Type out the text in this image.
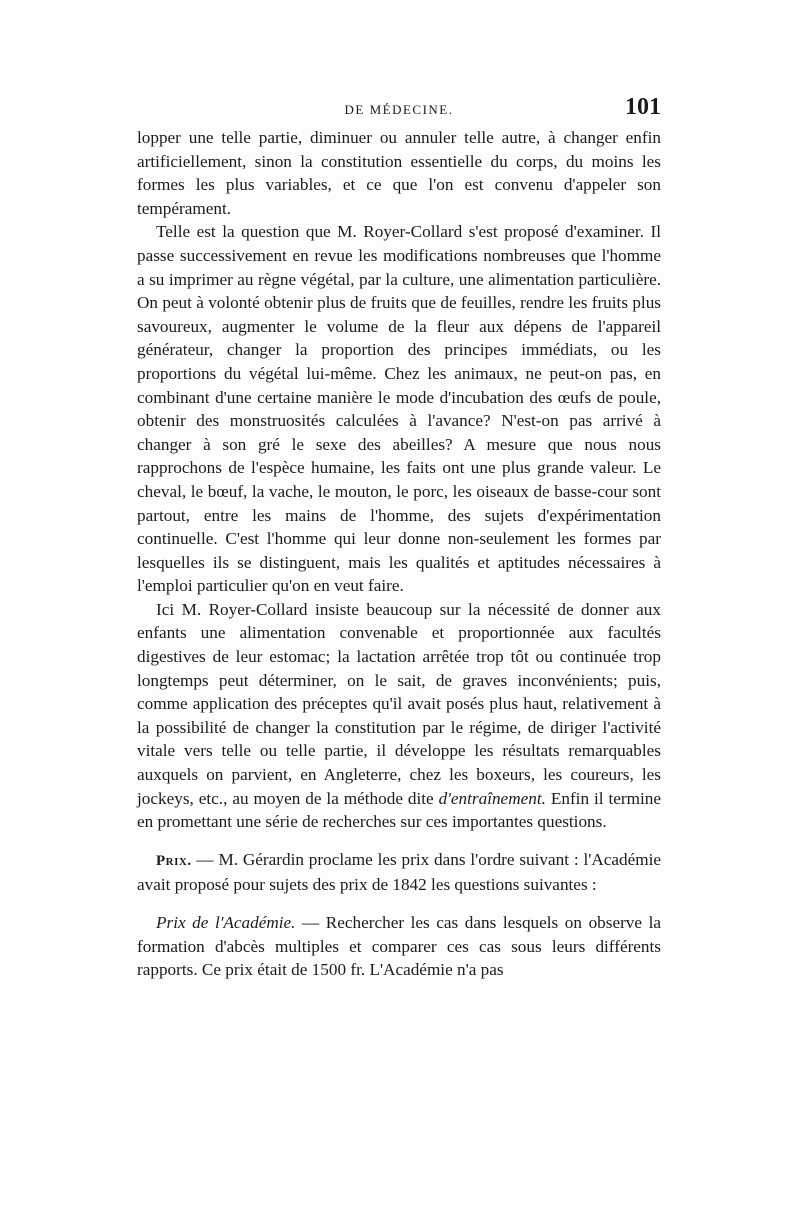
DE MÉDECINE.	101

lopper une telle partie, diminuer ou annuler telle autre, à changer enfin artificiellement, sinon la constitution essentielle du corps, du moins les formes les plus variables, et ce que l'on est convenu d'appeler son tempérament.

Telle est la question que M. Royer-Collard s'est proposé d'examiner. Il passe successivement en revue les modifications nombreuses que l'homme a su imprimer au règne végétal, par la culture, une alimentation particulière. On peut à volonté obtenir plus de fruits que de feuilles, rendre les fruits plus savoureux, augmenter le volume de la fleur aux dépens de l'appareil générateur, changer la proportion des principes immédiats, ou les proportions du végétal lui-même. Chez les animaux, ne peut-on pas, en combinant d'une certaine manière le mode d'incubation des œufs de poule, obtenir des monstruosités calculées à l'avance? N'est-on pas arrivé à changer à son gré le sexe des abeilles? A mesure que nous nous rapprochons de l'espèce humaine, les faits ont une plus grande valeur. Le cheval, le bœuf, la vache, le mouton, le porc, les oiseaux de basse-cour sont partout, entre les mains de l'homme, des sujets d'expérimentation continuelle. C'est l'homme qui leur donne non-seulement les formes par lesquelles ils se distinguent, mais les qualités et aptitudes nécessaires à l'emploi particulier qu'on en veut faire.

Ici M. Royer-Collard insiste beaucoup sur la nécessité de donner aux enfants une alimentation convenable et proportionnée aux facultés digestives de leur estomac; la lactation arrêtée trop tôt ou continuée trop longtemps peut déterminer, on le sait, de graves inconvénients; puis, comme application des préceptes qu'il avait posés plus haut, relativement à la possibilité de changer la constitution par le régime, de diriger l'activité vitale vers telle ou telle partie, il développe les résultats remarquables auxquels on parvient, en Angleterre, chez les boxeurs, les coureurs, les jockeys, etc., au moyen de la méthode dite d'entraînement. Enfin il termine en promettant une série de recherches sur ces importantes questions.

Prix. — M. Gérardin proclame les prix dans l'ordre suivant : l'Académie avait proposé pour sujets des prix de 1842 les questions suivantes :

Prix de l'Académie. — Rechercher les cas dans lesquels on observe la formation d'abcès multiples et comparer ces cas sous leurs différents rapports. Ce prix était de 1500 fr. L'Académie n'a pas
